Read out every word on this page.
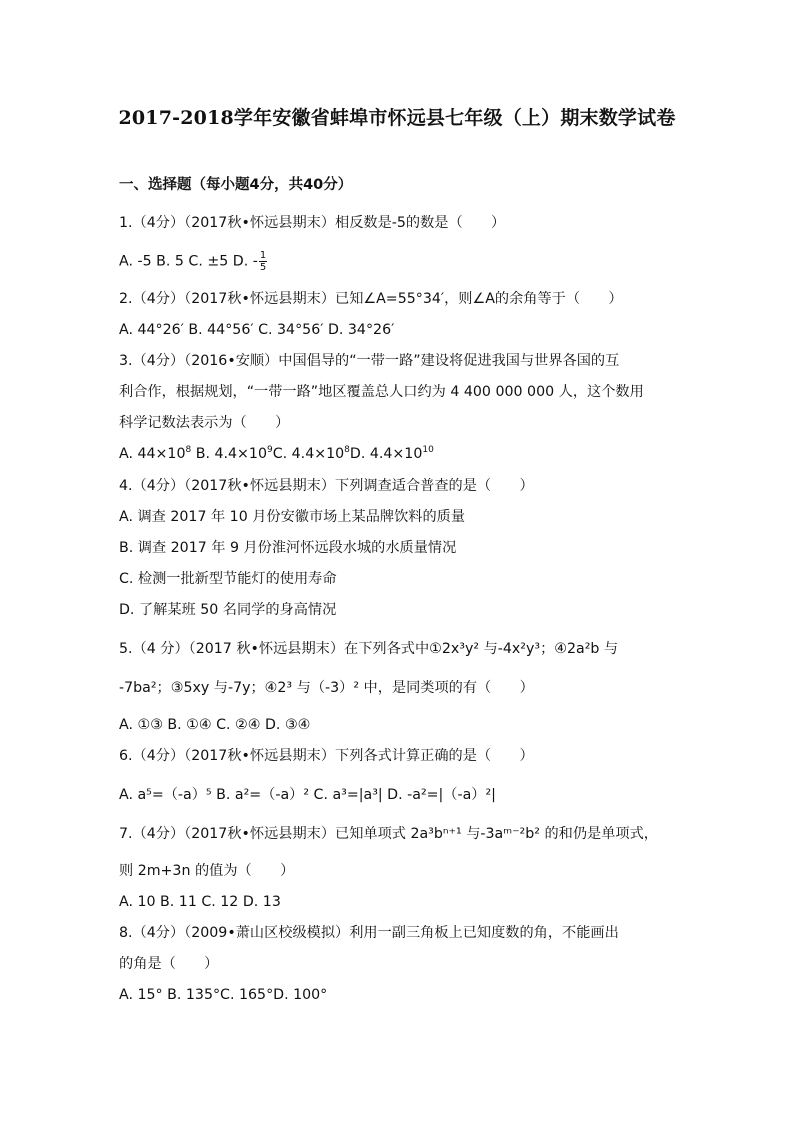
2017-2018学年安徽省蚌埠市怀远县七年级（上）期末数学试卷
一、选择题（每小题4分，共40分）
1.（4分）（2017秋•怀远县期末）相反数是-5的数是（　　）
A. -5 B. 5 C. ±5 D. - $\frac{1}{5}$
2.（4分）（2017秋•怀远县期末）已知∠A=55°34′，则∠A的余角等于（　　）
A. 44°26′ B. 44°56′ C. 34°56′ D. 34°26′
3.（4分）（2016•安顺）中国倡导的“一带一路”建设将促进我国与世界各国的互
利合作，根据规划，“一带一路”地区覆盖总人口约为 4 400 000 000 人，这个数用
科学记数法表示为（　　）
A. $44\times 10^8$ B. $4.4\times 10^9C$. $4.4\times 10^8D$. $4.4\times 10^{10}$
4.（4分）（2017秋•怀远县期末）下列调查适合普查的是（　　）
A. 调查 2017 年 10 月份安徽市场上某品牌饮料的质量
B. 调查 2017 年 9 月份淮河怀远段水城的水质量情况
C. 检测一批新型节能灯的使用寿命
D. 了解某班 50 名同学的身高情况
5.（4 分）（2017 秋•怀远县期末）在下列各式中①2x³y² 与-4x²y³；④2a²b 与
-7ba²；③5xy 与-7y；④2³ 与（-3）² 中，是同类项的有（　　）
A. ①③ B. ①④ C. ②④ D. ③④
6.（4分）（2017秋•怀远县期末）下列各式计算正确的是（　　）
A. a⁵=（-a）⁵ B. a²=（-a）² C. a³=|a³| D. -a²=|（-a）²|
7.（4分）（2017秋•怀远县期末）已知单项式 2a³bⁿ⁺¹ 与-3aᵐ⁻²b² 的和仍是单项式，
则 2m+3n 的值为（　　）
A. 10 B. 11 C. 12 D. 13
8.（4分）（2009•萧山区校级模拟）利用一副三角板上已知度数的角，不能画出
的角是（　　）
A. 15° B. 135°C. 165°D. 100°
